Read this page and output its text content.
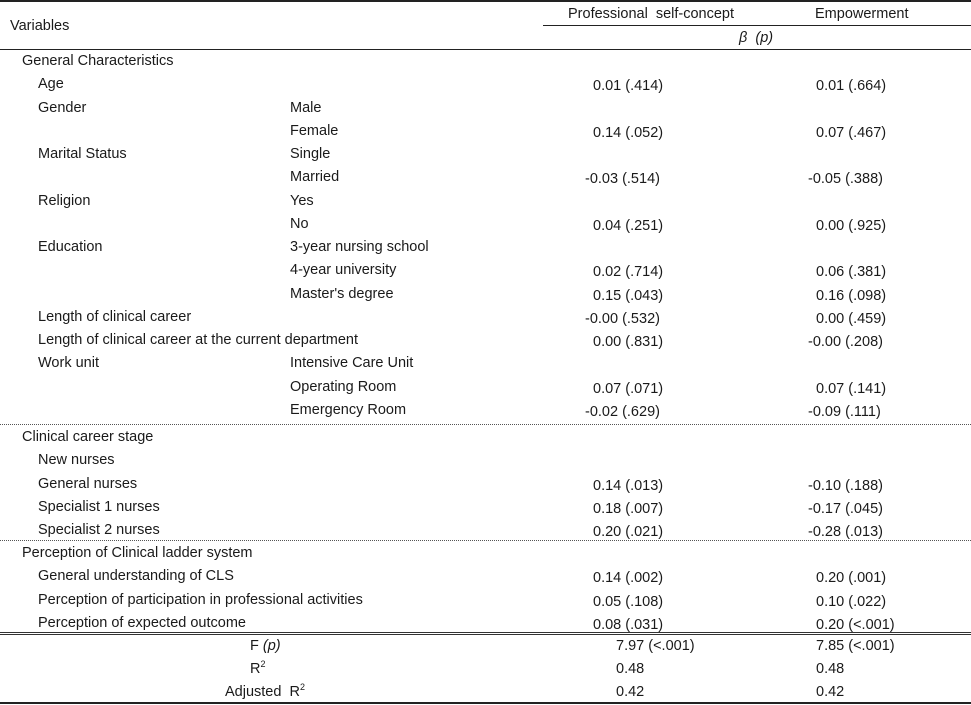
Variables
Professional  self-concept	Empowerment
β (p)
General Characteristics
Age	0.01 (.414)	0.01 (.664)
Gender	Male
Female	0.14 (.052)	0.07 (.467)
Marital Status	Single
Married	-0.03 (.514)	-0.05 (.388)
Religion	Yes
No	0.04 (.251)	0.00 (.925)
Education	3-year nursing school
4-year university	0.02 (.714)	0.06 (.381)
Master's degree	0.15 (.043)	0.16 (.098)
Length of clinical career	-0.00 (.532)	0.00 (.459)
Length of clinical career at the current department	0.00 (.831)	-0.00 (.208)
Work unit	Intensive Care Unit
Operating Room	0.07 (.071)	0.07 (.141)
Emergency Room	-0.02 (.629)	-0.09 (.111)
Clinical career stage
New nurses
General nurses	0.14 (.013)	-0.10 (.188)
Specialist 1 nurses	0.18 (.007)	-0.17 (.045)
Specialist 2 nurses	0.20 (.021)	-0.28 (.013)
Perception of Clinical ladder system
General understanding of CLS	0.14 (.002)	0.20 (.001)
Perception of participation in professional activities	0.05 (.108)	0.10 (.022)
Perception of expected outcome	0.08 (.031)	0.20 (<.001)
F (p)	7.97 (<.001)	7.85 (<.001)
$R^2$	0.48	0.48
Adjusted  $R^2$	0.42	0.42
